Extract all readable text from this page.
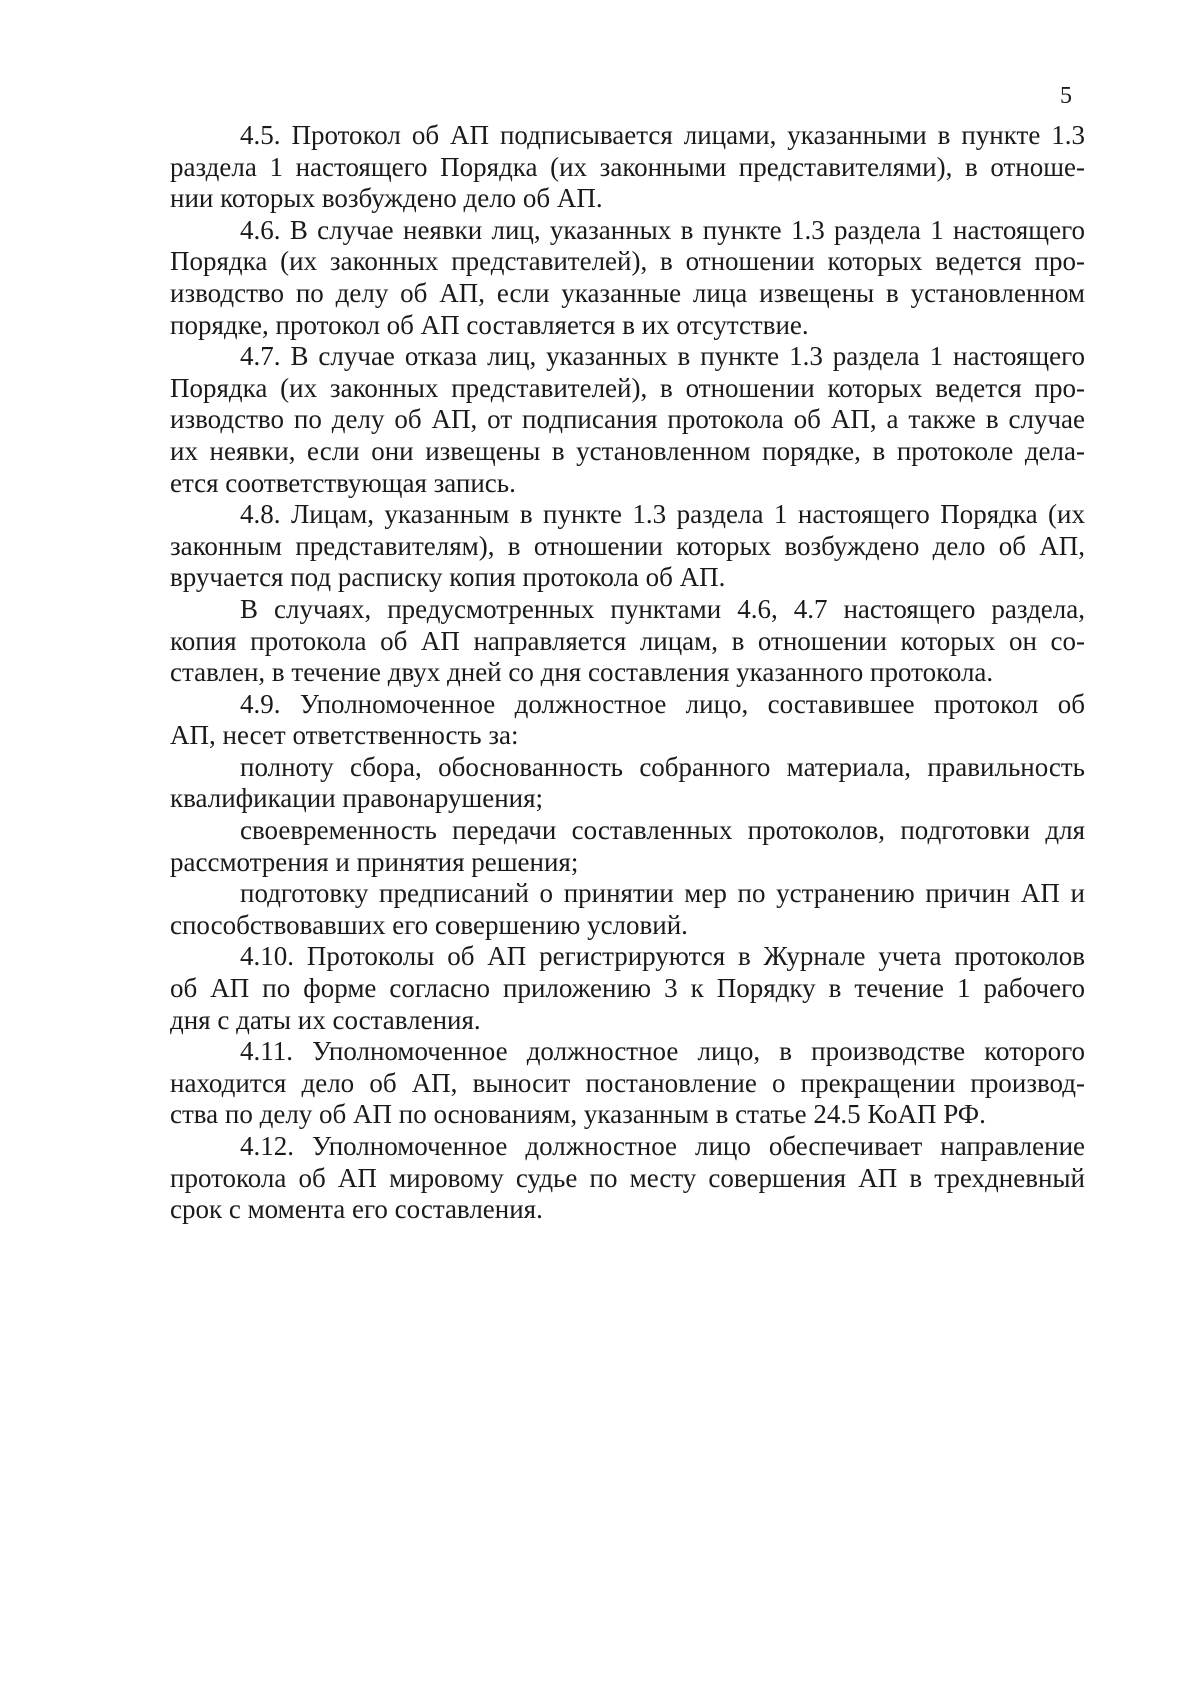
5

4.5. Протокол об АП подписывается лицами, указанными в пункте 1.3
раздела 1 настоящего Порядка (их законными представителями), в отноше-
нии которых возбуждено дело об АП.

4.6. В случае неявки лиц, указанных в пункте 1.3 раздела 1 настоящего
Порядка (их законных представителей), в отношении которых ведется про-
изводство по делу об АП, если указанные лица извещены в установленном
порядке, протокол об АП составляется в их отсутствие.

4.7. В случае отказа лиц, указанных в пункте 1.3 раздела 1 настоящего
Порядка (их законных представителей), в отношении которых ведется про-
изводство по делу об АП, от подписания протокола об АП, а также в случае
их неявки, если они извещены в установленном порядке, в протоколе дела-
ется соответствующая запись.

4.8. Лицам, указанным в пункте 1.3 раздела 1 настоящего Порядка (их
законным представителям), в отношении которых возбуждено дело об АП,
вручается под расписку копия протокола об АП.

В случаях, предусмотренных пунктами 4.6, 4.7 настоящего раздела,
копия протокола об АП направляется лицам, в отношении которых он со-
ставлен, в течение двух дней со дня составления указанного протокола.

4.9. Уполномоченное должностное лицо, составившее протокол об
АП, несет ответственность за:

полноту сбора, обоснованность собранного материала, правильность
квалификации правонарушения;

своевременность передачи составленных протоколов, подготовки для
рассмотрения и принятия решения;

подготовку предписаний о принятии мер по устранению причин АП и
способствовавших его совершению условий.

4.10. Протоколы об АП регистрируются в Журнале учета протоколов
об АП по форме согласно приложению 3 к Порядку в течение 1 рабочего
дня с даты их составления.

4.11. Уполномоченное должностное лицо, в производстве которого
находится дело об АП, выносит постановление о прекращении производ-
ства по делу об АП по основаниям, указанным в статье 24.5 КоАП РФ.

4.12. Уполномоченное должностное лицо обеспечивает направление
протокола об АП мировому судье по месту совершения АП в трехдневный
срок с момента его составления.
